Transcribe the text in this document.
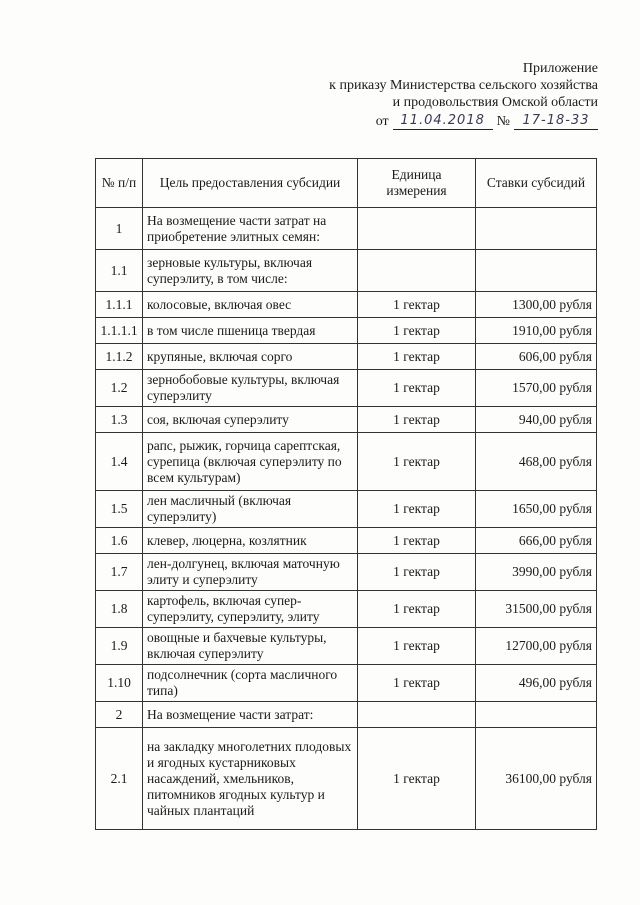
Приложение
к приказу Министерства сельского хозяйства
и продовольствия Омской области
от 11.04.2018 № 17-18-33
№ п/п	Цель предоставления субсидии	Единица измерения	Ставки субсидий
1	На возмещение части затрат на приобретение элитных семян:		
1.1	зерновые культуры, включая суперэлиту, в том числе:		
1.1.1	колосовые, включая овес	1 гектар	1300,00 рубля
1.1.1.1	в том числе пшеница твердая	1 гектар	1910,00 рубля
1.1.2	крупяные, включая сорго	1 гектар	606,00 рубля
1.2	зернобобовые культуры, включая суперэлиту	1 гектар	1570,00 рубля
1.3	соя, включая суперэлиту	1 гектар	940,00 рубля
1.4	рапс, рыжик, горчица сарептская, сурепица (включая суперэлиту по всем культурам)	1 гектар	468,00 рубля
1.5	лен масличный (включая суперэлиту)	1 гектар	1650,00 рубля
1.6	клевер, люцерна, козлятник	1 гектар	666,00 рубля
1.7	лен-долгунец, включая маточную элиту и суперэлиту	1 гектар	3990,00 рубля
1.8	картофель, включая супер-суперэлиту, суперэлиту, элиту	1 гектар	31500,00 рубля
1.9	овощные и бахчевые культуры, включая суперэлиту	1 гектар	12700,00 рубля
1.10	подсолнечник (сорта масличного типа)	1 гектар	496,00 рубля
2	На возмещение части затрат:		
2.1	на закладку многолетних плодовых и ягодных кустарниковых насаждений, хмельников, питомников ягодных культур и чайных плантаций	1 гектар	36100,00 рубля
